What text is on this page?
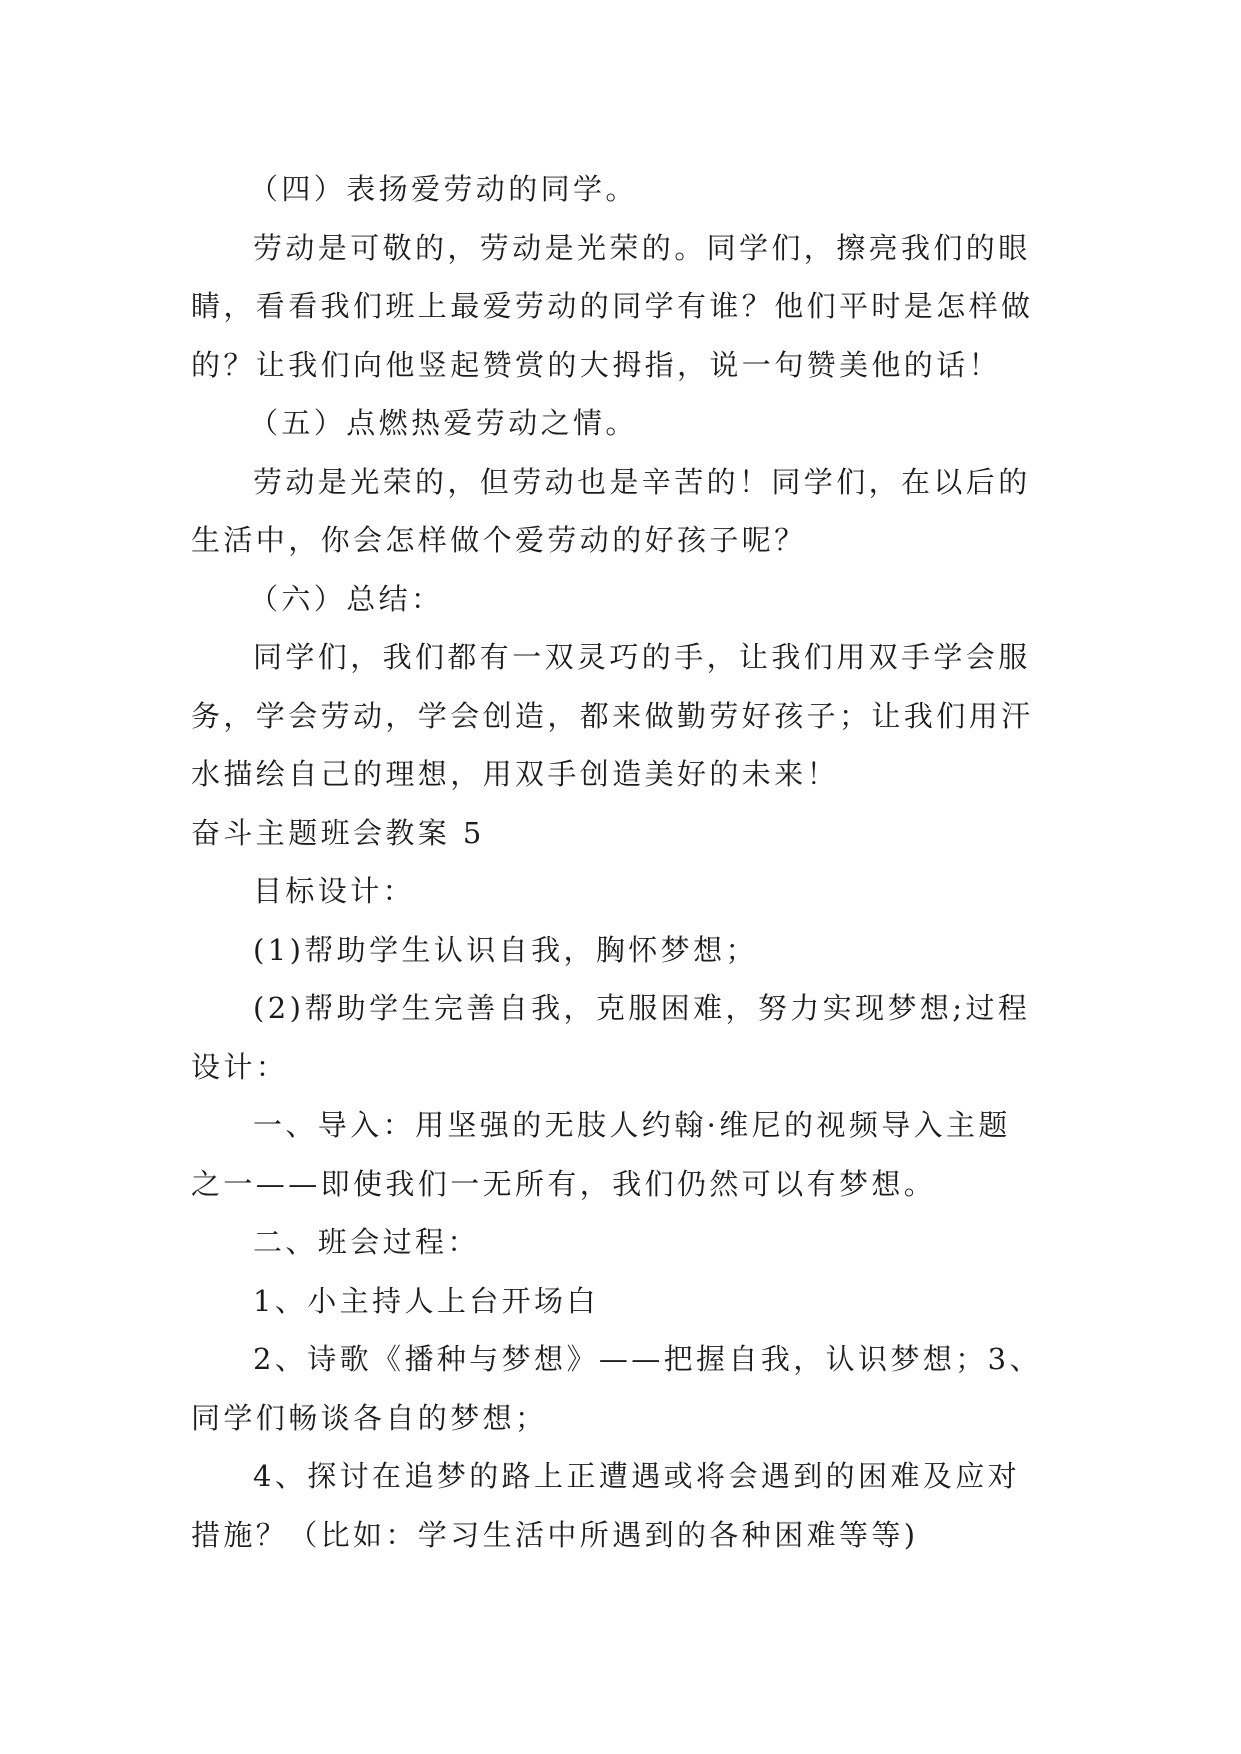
（四）表扬爱劳动的同学。
劳动是可敬的，劳动是光荣的。同学们，擦亮我们的眼
睛，看看我们班上最爱劳动的同学有谁？他们平时是怎样做
的？让我们向他竖起赞赏的大拇指，说一句赞美他的话！
（五）点燃热爱劳动之情。
劳动是光荣的，但劳动也是辛苦的！同学们，在以后的
生活中，你会怎样做个爱劳动的好孩子呢？
（六）总结：
同学们，我们都有一双灵巧的手，让我们用双手学会服
务，学会劳动，学会创造，都来做勤劳好孩子；让我们用汗
水描绘自己的理想，用双手创造美好的未来！
奋斗主题班会教案 5
目标设计：
(1)帮助学生认识自我，胸怀梦想；
(2)帮助学生完善自我，克服困难，努力实现梦想;过程
设计：
一、导入：用坚强的无肢人约翰·维尼的视频导入主题
之一——即使我们一无所有，我们仍然可以有梦想。
二、班会过程：
1、小主持人上台开场白
2、诗歌《播种与梦想》——把握自我，认识梦想；3、
同学们畅谈各自的梦想；
4、探讨在追梦的路上正遭遇或将会遇到的困难及应对
措施？（比如：学习生活中所遇到的各种困难等等)
